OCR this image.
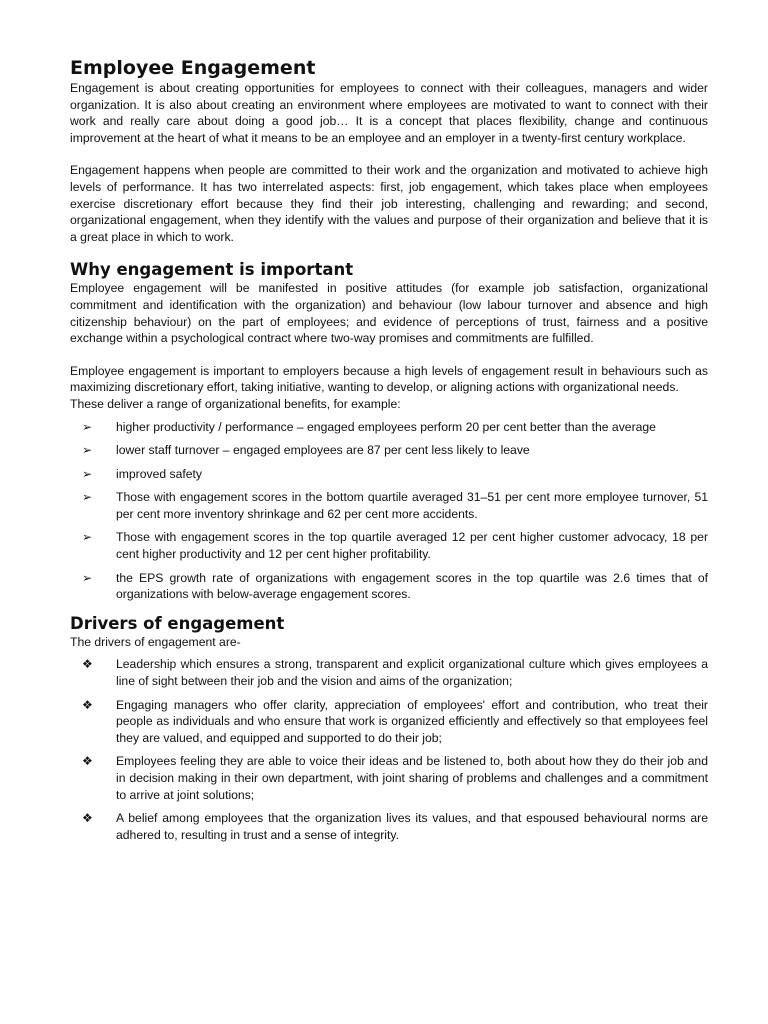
Employee Engagement

Engagement is about creating opportunities for employees to connect with their colleagues, managers and wider organization. It is also about creating an environment where employees are motivated to want to connect with their work and really care about doing a good job… It is a concept that places flexibility, change and continuous improvement at the heart of what it means to be an employee and an employer in a twenty-first century workplace.

Engagement happens when people are committed to their work and the organization and motivated to achieve high levels of performance. It has two interrelated aspects: first, job engagement, which takes place when employees exercise discretionary effort because they find their job interesting, challenging and rewarding; and second, organizational engagement, when they identify with the values and purpose of their organization and believe that it is a great place in which to work.

Why engagement is important

Employee engagement will be manifested in positive attitudes (for example job satisfaction, organizational commitment and identification with the organization) and behaviour (low labour turnover and absence and high citizenship behaviour) on the part of employees; and evidence of perceptions of trust, fairness and a positive exchange within a psychological contract where two-way promises and commitments are fulfilled.

Employee engagement is important to employers because a high levels of engagement result in behaviours such as maximizing discretionary effort, taking initiative, wanting to develop, or aligning actions with organizational needs.

These deliver a range of organizational benefits, for example:

➢	higher productivity / performance – engaged employees perform 20 per cent better than the average
➢	lower staff turnover – engaged employees are 87 per cent less likely to leave
➢	improved safety
➢	Those with engagement scores in the bottom quartile averaged 31–51 per cent more employee turnover, 51 per cent more inventory shrinkage and 62 per cent more accidents.
➢	Those with engagement scores in the top quartile averaged 12 per cent higher customer advocacy, 18 per cent higher productivity and 12 per cent higher profitability.
➢	the EPS growth rate of organizations with engagement scores in the top quartile was 2.6 times that of organizations with below-average engagement scores.
Drivers of engagement

The drivers of engagement are-

❖	Leadership which ensures a strong, transparent and explicit organizational culture which gives employees a line of sight between their job and the vision and aims of the organization;
❖	Engaging managers who offer clarity, appreciation of employees' effort and contribution, who treat their people as individuals and who ensure that work is organized efficiently and effectively so that employees feel they are valued, and equipped and supported to do their job;
❖	Employees feeling they are able to voice their ideas and be listened to, both about how they do their job and in decision making in their own department, with joint sharing of problems and challenges and a commitment to arrive at joint solutions;
❖	A belief among employees that the organization lives its values, and that espoused behavioural norms are adhered to, resulting in trust and a sense of integrity.
